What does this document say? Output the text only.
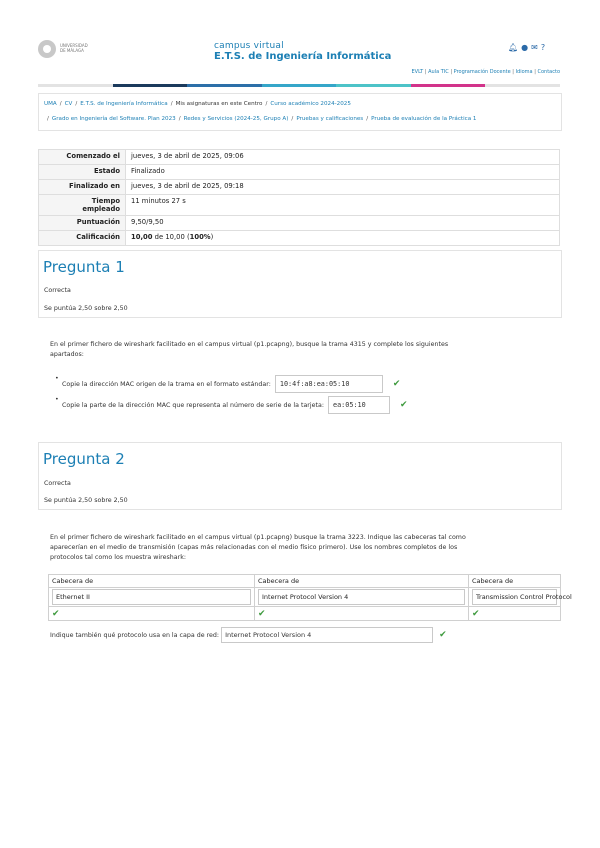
UNIVERSIDAD DE MÁLAGA	campus virtual
E.T.S. de Ingeniería Informática
🔔︎●✉?
EVLT | Aula TIC | Programación Docente | Idioma | Contacto
UMA / CV / E.T.S. de Ingeniería Informática / Mis asignaturas en este Centro / Curso académico 2024-2025
/ Grado en Ingeniería del Software. Plan 2023 / Redes y Servicios (2024-25, Grupo A) / Pruebas y calificaciones / Prueba de evaluación de la Práctica 1
Comenzado el	jueves, 3 de abril de 2025, 09:06
Estado	Finalizado
Finalizado en	jueves, 3 de abril de 2025, 09:18
Tiempo
empleado	11 minutos 27 s
Puntuación	9,50/9,50
Calificación	10,00 de 10,00 (100%)
Pregunta 1
Correcta
Se puntúa 2,50 sobre 2,50
En el primer fichero de wireshark facilitado en el campus virtual (p1.pcapng), busque la trama 4315 y complete los siguientes
apartados:
• Copie la dirección MAC origen de la trama en el formato estándar: 10:4f:a8:ea:05:10	✔
• Copie la parte de la dirección MAC que representa al número de serie de la tarjeta: ea:05:10	✔
Pregunta 2
Correcta
Se puntúa 2,50 sobre 2,50
En el primer fichero de wireshark facilitado en el campus virtual (p1.pcapng) busque la trama 3223. Indique las cabeceras tal como
aparecerían en el medio de transmisión (capas más relacionadas con el medio físico primero). Use los nombres completos de los
protocolos tal como los muestra wireshark:
Cabecera de	Cabecera de	Cabecera de

Ethernet II	Internet Protocol Version 4	Transmission Control Protocol

✔	✔	✔
Indique también qué protocolo usa en la capa de red: Internet Protocol Version 4	✔
